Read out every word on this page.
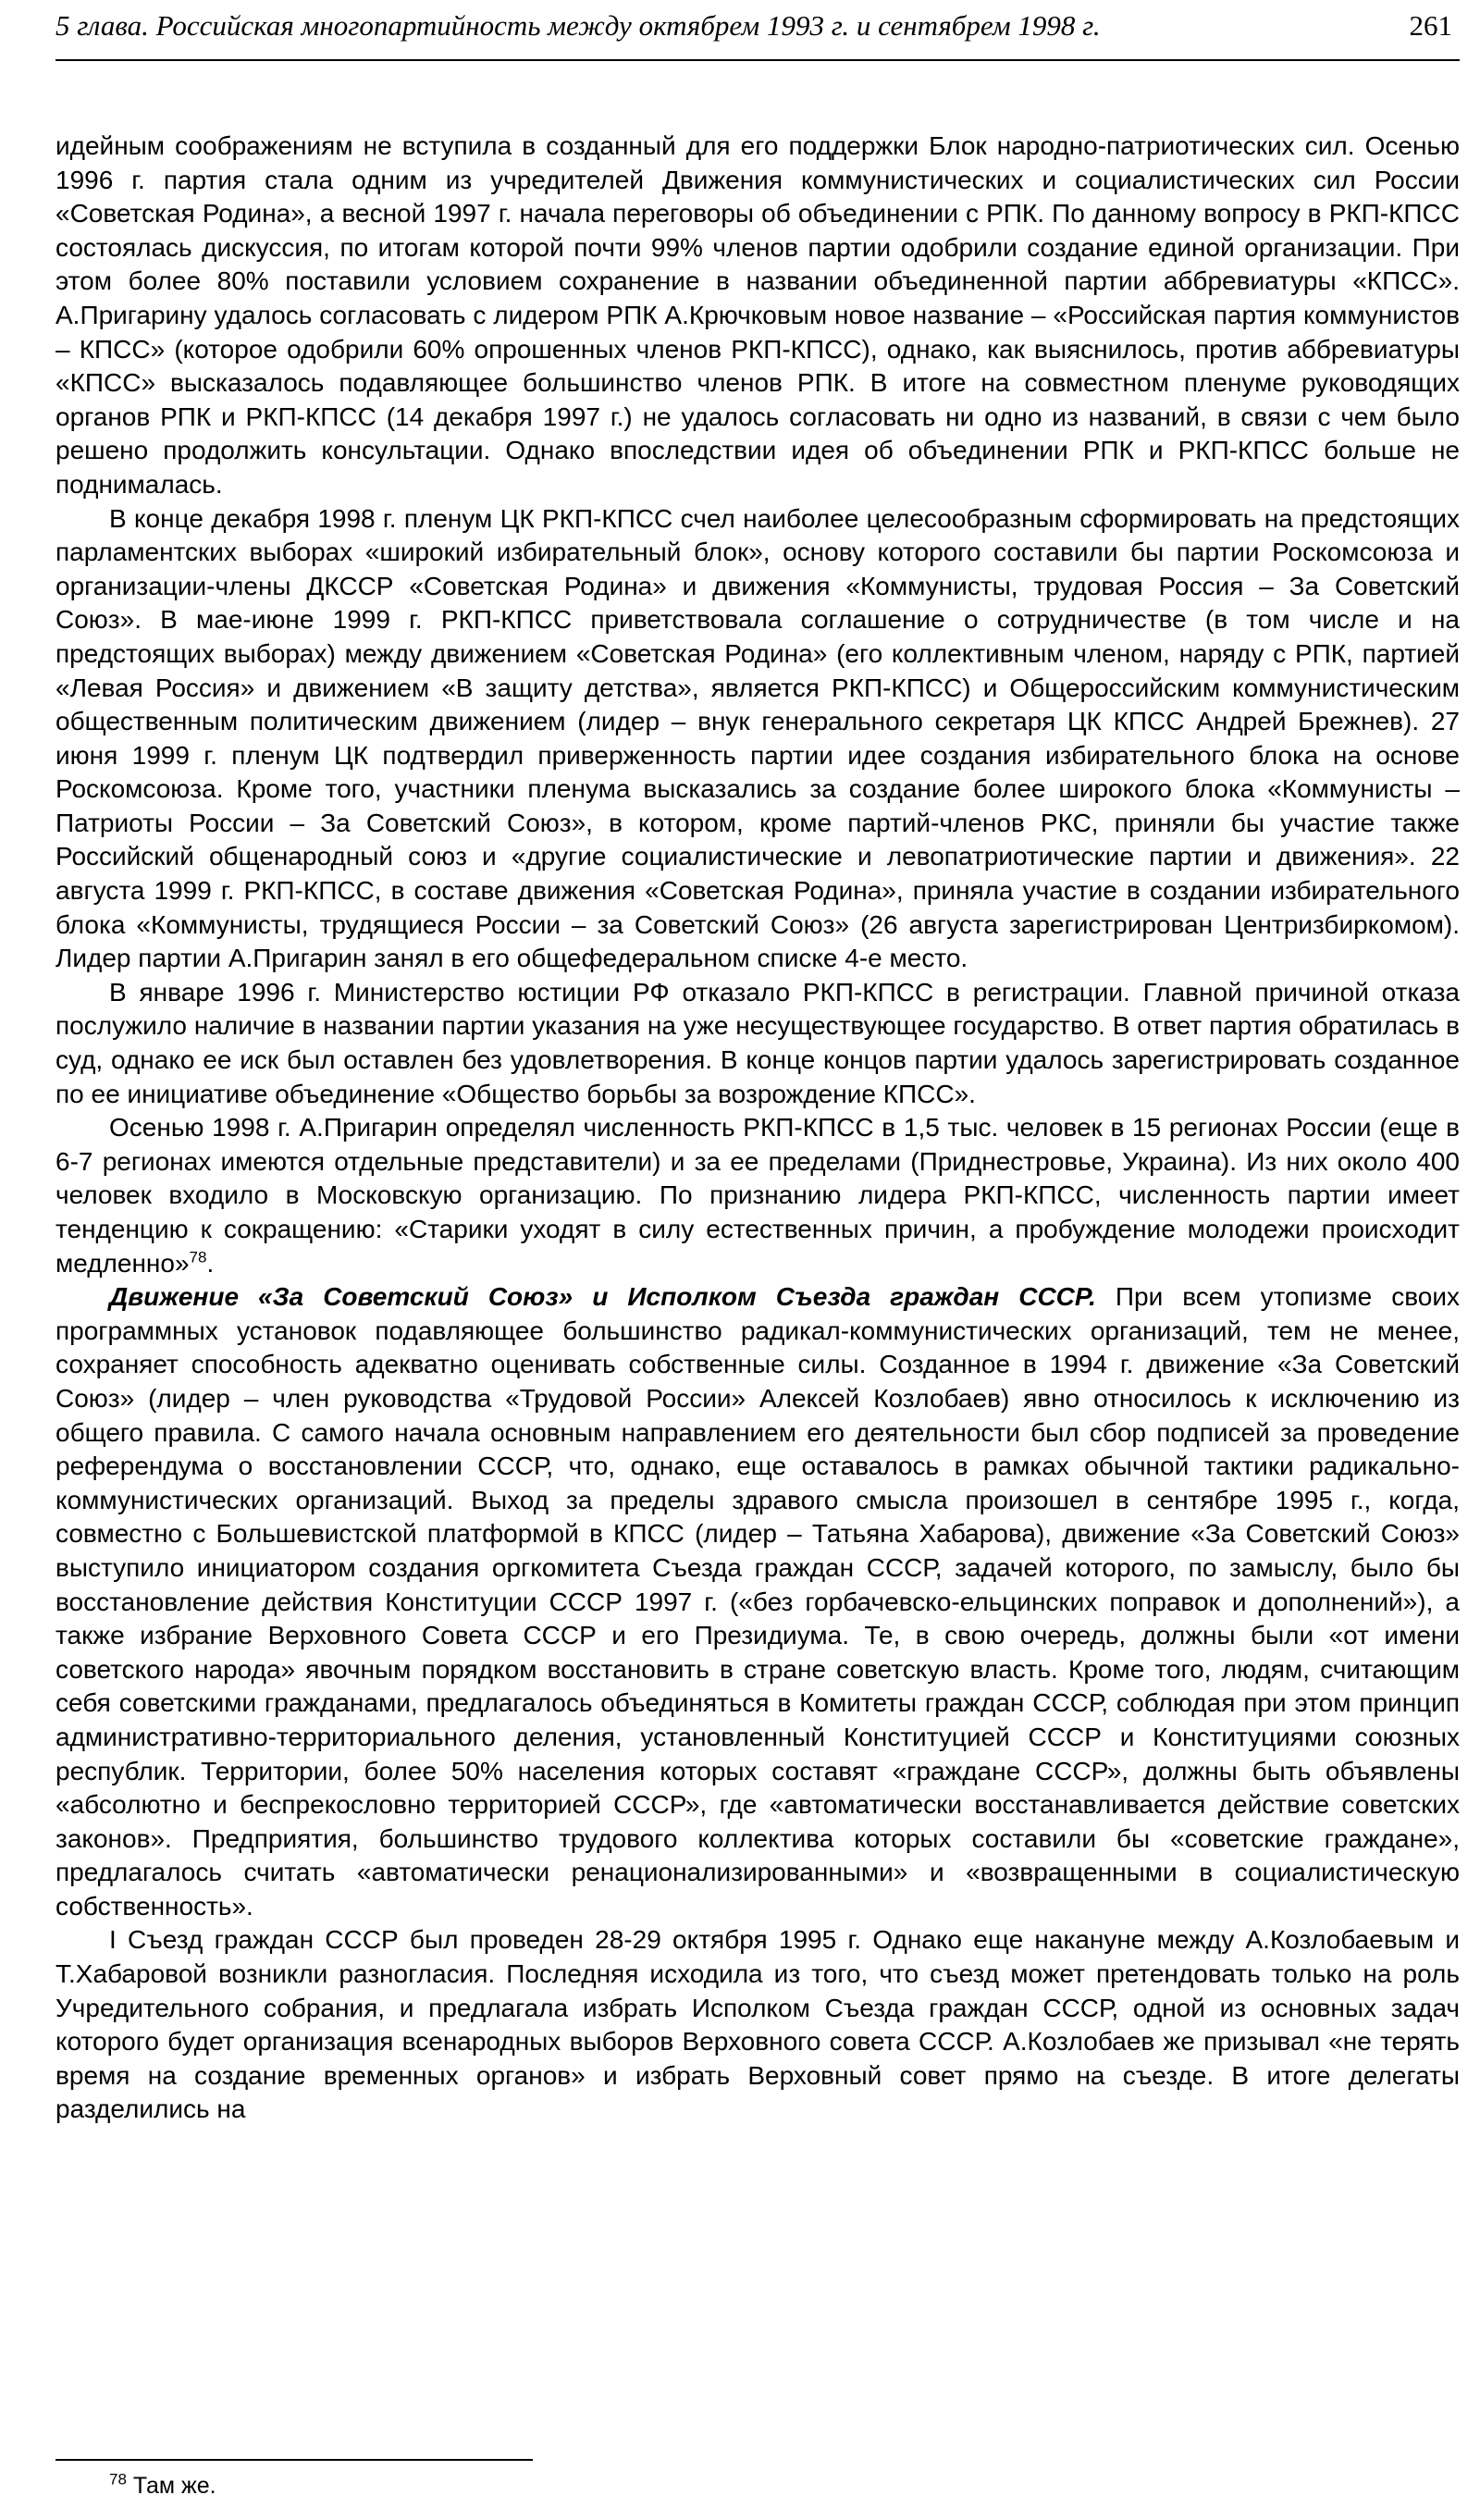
5 глава. Российская многопартийность между октябрем 1993 г. и сентябрем 1998 г.	261

идейным соображениям не вступила в созданный для его поддержки Блок народно-патриотических сил. Осенью 1996 г. партия стала одним из учредителей Движения коммунистических и социалистических сил России «Советская Родина», а весной 1997 г. начала переговоры об объединении с РПК. По данному вопросу в РКП-КПСС состоялась дискуссия, по итогам которой почти 99% членов партии одобрили создание единой организации. При этом более 80% поставили условием сохранение в названии объединенной партии аббревиатуры «КПСС». А.Пригарину удалось согласовать с лидером РПК А.Крючковым новое название – «Российская партия коммунистов – КПСС» (которое одобрили 60% опрошенных членов РКП-КПСС), однако, как выяснилось, против аббревиатуры «КПСС» высказалось подавляющее большинство членов РПК. В итоге на совместном пленуме руководящих органов РПК и РКП-КПСС (14 декабря 1997 г.) не удалось согласовать ни одно из названий, в связи с чем было решено продолжить консультации. Однако впоследствии идея об объединении РПК и РКП-КПСС больше не поднималась.

В конце декабря 1998 г. пленум ЦК РКП-КПСС счел наиболее целесообразным сформировать на предстоящих парламентских выборах «широкий избирательный блок», основу которого составили бы партии Роскомсоюза и организации-члены ДКССР «Советская Родина» и движения «Коммунисты, трудовая Россия – За Советский Союз». В мае-июне 1999 г. РКП-КПСС приветствовала соглашение о сотрудничестве (в том числе и на предстоящих выборах) между движением «Советская Родина» (его коллективным членом, наряду с РПК, партией «Левая Россия» и движением «В защиту детства», является РКП-КПСС) и Общероссийским коммунистическим общественным политическим движением (лидер – внук генерального секретаря ЦК КПСС Андрей Брежнев). 27 июня 1999 г. пленум ЦК подтвердил приверженность партии идее создания избирательного блока на основе Роскомсоюза. Кроме того, участники пленума высказались за создание более широкого блока «Коммунисты – Патриоты России – За Советский Союз», в котором, кроме партий-членов РКС, приняли бы участие также Российский общенародный союз и «другие социалистические и левопатриотические партии и движения». 22 августа 1999 г. РКП-КПСС, в составе движения «Советская Родина», приняла участие в создании избирательного блока «Коммунисты, трудящиеся России – за Советский Союз» (26 августа зарегистрирован Центризбиркомом). Лидер партии А.Пригарин занял в его общефедеральном списке 4-е место.

В январе 1996 г. Министерство юстиции РФ отказало РКП-КПСС в регистрации. Главной причиной отказа послужило наличие в названии партии указания на уже несуществующее государство. В ответ партия обратилась в суд, однако ее иск был оставлен без удовлетворения. В конце концов партии удалось зарегистрировать созданное по ее инициативе объединение «Общество борьбы за возрождение КПСС».

Осенью 1998 г. А.Пригарин определял численность РКП-КПСС в 1,5 тыс. человек в 15 регионах России (еще в 6-7 регионах имеются отдельные представители) и за ее пределами (Приднестровье, Украина). Из них около 400 человек входило в Московскую организацию. По признанию лидера РКП-КПСС, численность партии имеет тенденцию к сокращению: «Старики уходят в силу естественных причин, а пробуждение молодежи происходит медленно»$^{78}$.

Движение «За Советский Союз» и Исполком Съезда граждан СССР. При всем утопизме своих программных установок подавляющее большинство радикал-коммунистических организаций, тем не менее, сохраняет способность адекватно оценивать собственные силы. Созданное в 1994 г. движение «За Советский Союз» (лидер – член руководства «Трудовой России» Алексей Козлобаев) явно относилось к исключению из общего правила. С самого начала основным направлением его деятельности был сбор подписей за проведение референдума о восстановлении СССР, что, однако, еще оставалось в рамках обычной тактики радикально-коммунистических организаций. Выход за пределы здравого смысла произошел в сентябре 1995 г., когда, совместно с Большевистской платформой в КПСС (лидер – Татьяна Хабарова), движение «За Советский Союз» выступило инициатором создания оргкомитета Съезда граждан СССР, задачей которого, по замыслу, было бы восстановление действия Конституции СССР 1997 г. («без горбачевско-ельцинских поправок и дополнений»), а также избрание Верховного Совета СССР и его Президиума. Те, в свою очередь, должны были «от имени советского народа» явочным порядком восстановить в стране советскую власть. Кроме того, людям, считающим себя советскими гражданами, предлагалось объединяться в Комитеты граждан СССР, соблюдая при этом принцип административно-территориального деления, установленный Конституцией СССР и Конституциями союзных республик. Территории, более 50% населения которых составят «граждане СССР», должны быть объявлены «абсолютно и беспрекословно территорией СССР», где «автоматически восстанавливается действие советских законов». Предприятия, большинство трудового коллектива которых составили бы «советские граждане», предлагалось считать «автоматически ренационализированными» и «возвращенными в социалистическую собственность».

I Съезд граждан СССР был проведен 28-29 октября 1995 г. Однако еще накануне между А.Козлобаевым и Т.Хабаровой возникли разногласия. Последняя исходила из того, что съезд может претендовать только на роль Учредительного собрания, и предлагала избрать Исполком Съезда граждан СССР, одной из основных задач которого будет организация всенародных выборов Верховного совета СССР. А.Козлобаев же призывал «не терять время на создание временных органов» и избрать Верховный совет прямо на съезде. В итоге делегаты разделились на

$^{78}$ Там же.
